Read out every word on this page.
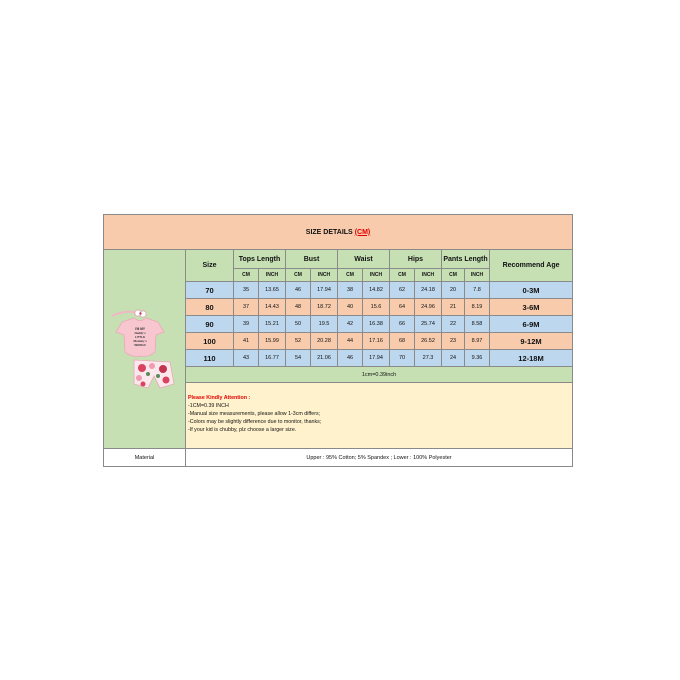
SIZE DETAILS (CM)												

I'M MY
Daddy's
LITTLE
Mommy's
WORLD	Size	Tops Length		Bust		Waist		Hips		Pants Length		Recommend Age
		CM	INCH	CM	INCH	CM	INCH	CM	INCH	CM	INCH	
	70	35	13.65	46	17.94	38	14.82	62	24.18	20	7.8	0-3M
	80	37	14.43	48	18.72	40	15.6	64	24.96	21	8.19	3-6M
	90	39	15.21	50	19.5	42	16.38	66	25.74	22	8.58	6-9M
	100	41	15.99	52	20.28	44	17.16	68	26.52	23	8.97	9-12M
	110	43	16.77	54	21.06	46	17.94	70	27.3	24	9.36	12-18M
	1cm=0.39inch											

	Please Kindly Attention :
-1CM=0.39 INCH
-Manual size measurements, please allow 1-3cm differs;
-Colors may be slightly difference due to monitor, thanks;
-If your kid is chubby, plz choose a larger size.											

Material	Upper : 95% Cotton; 5% Spandex ; Lower : 100% Polyester											
